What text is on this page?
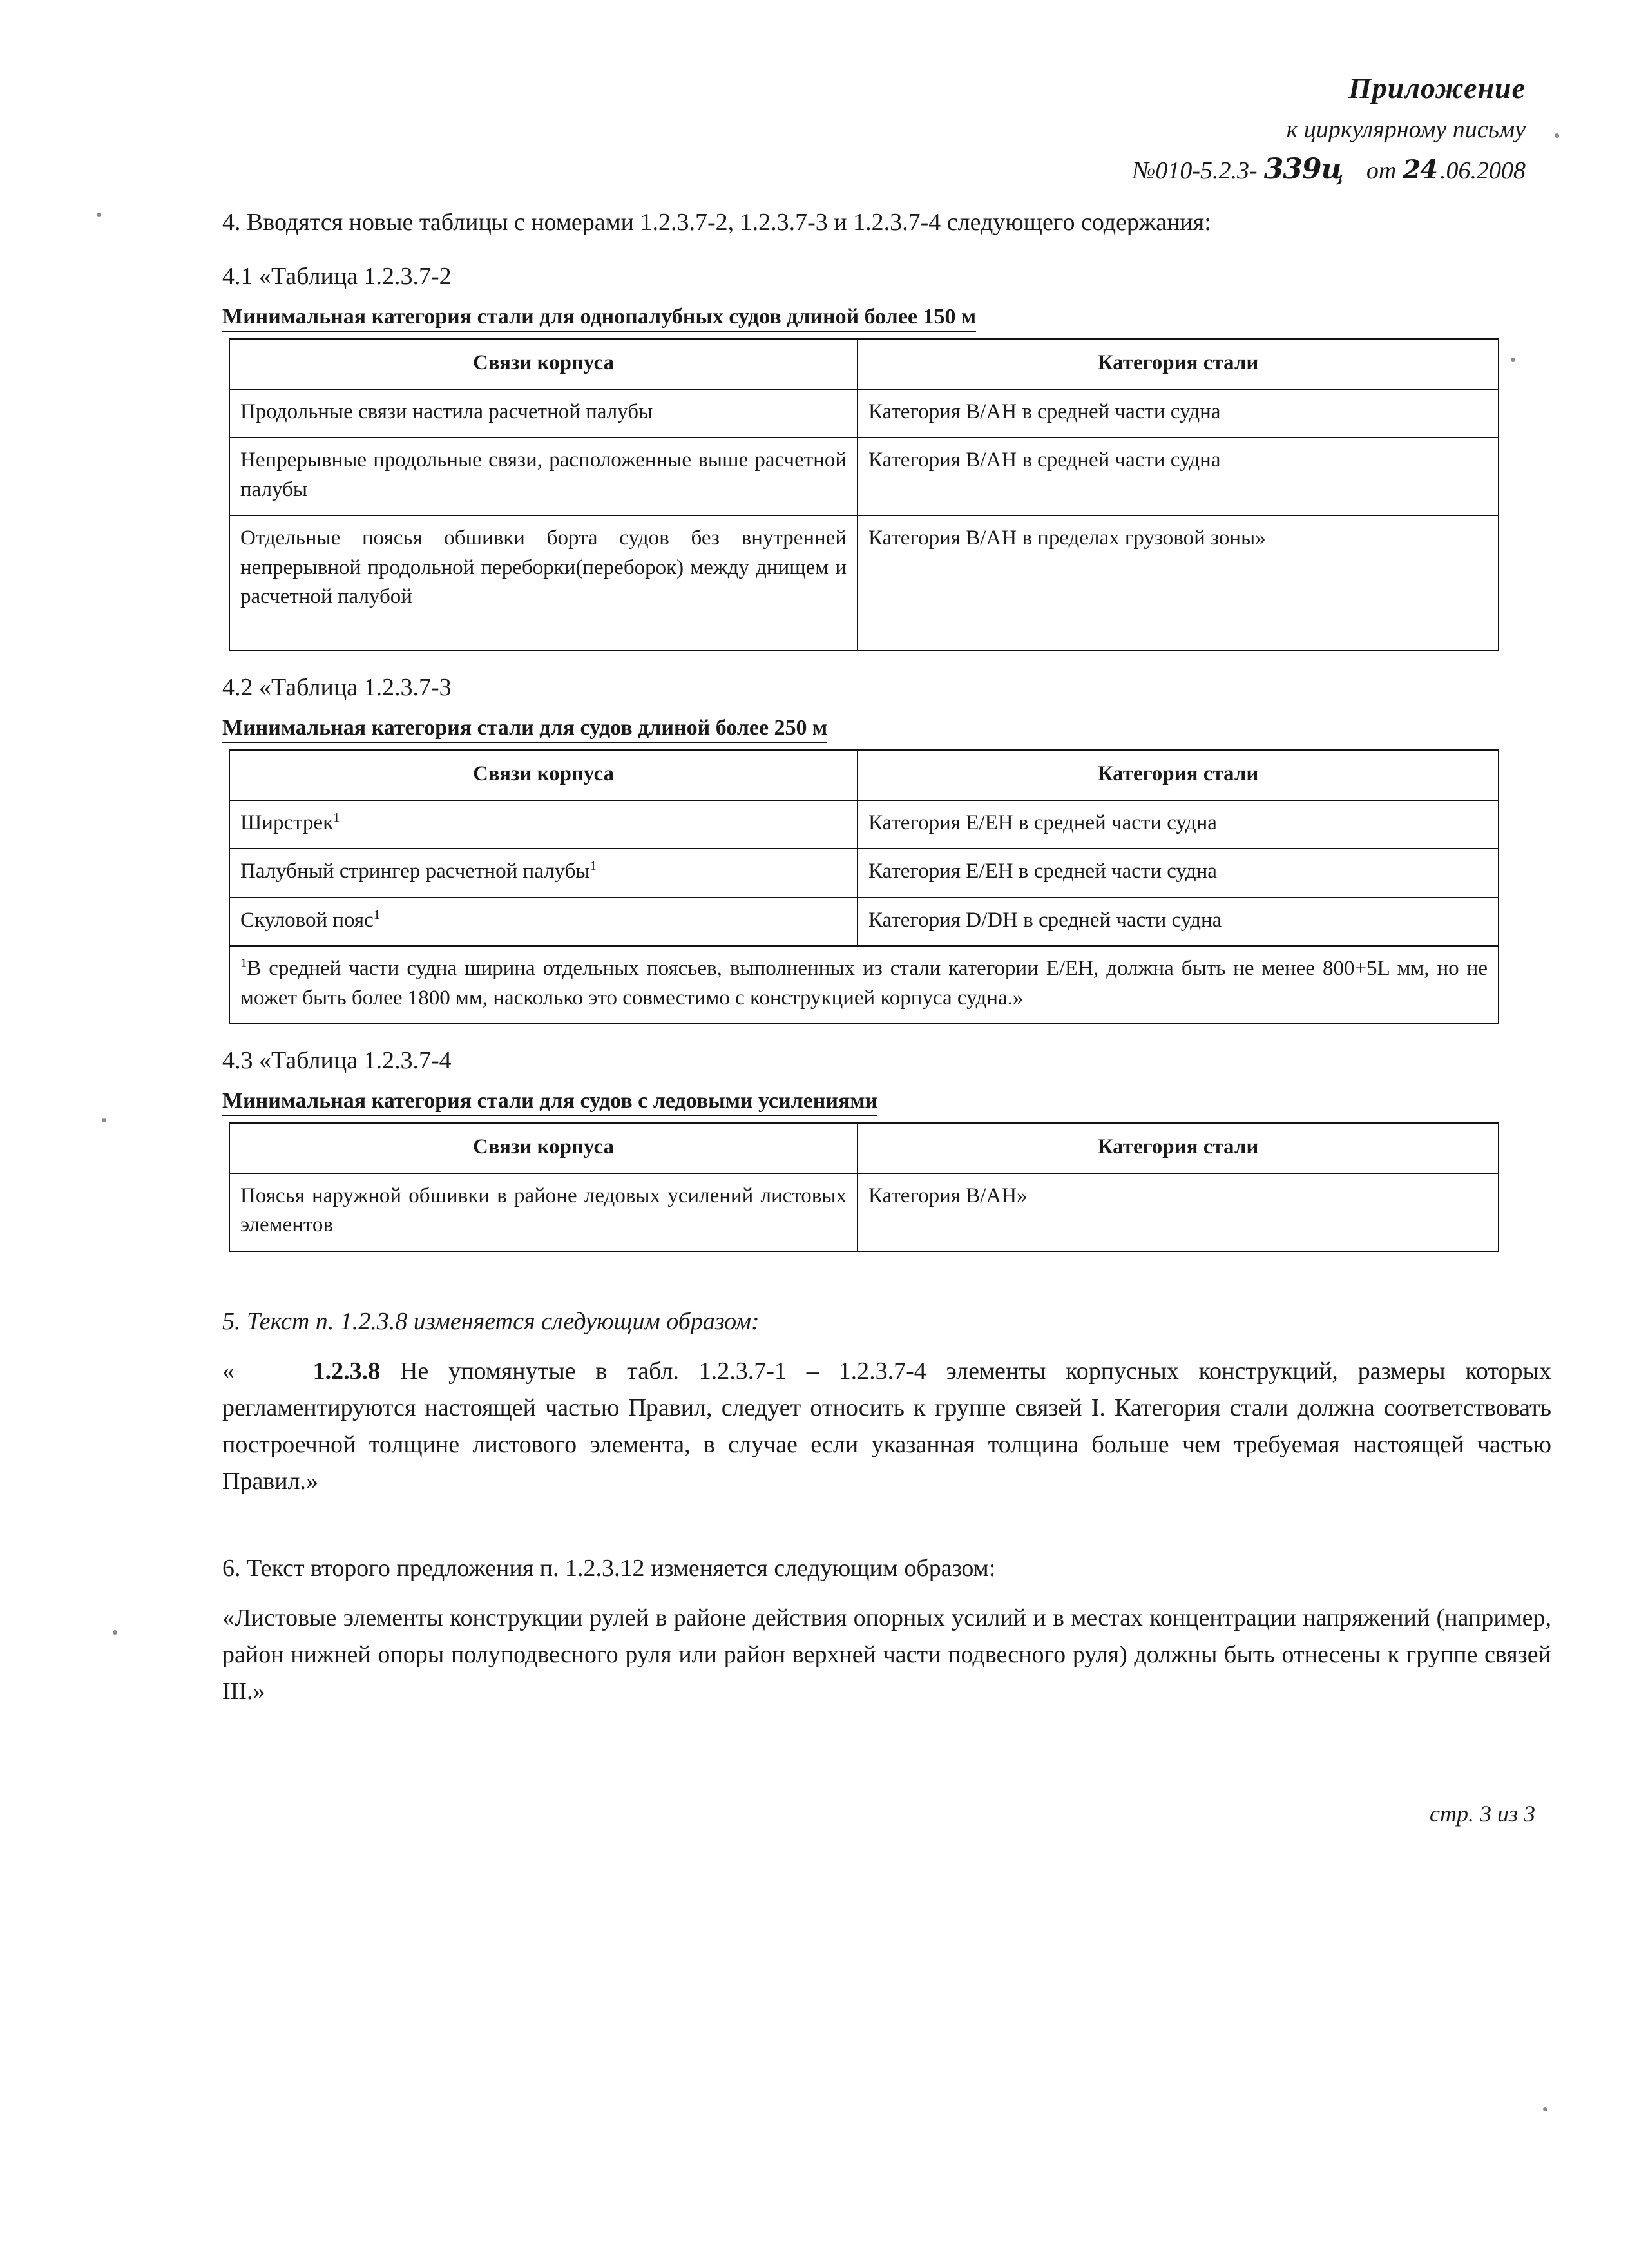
Приложение
к циркулярному письму
№010-5.2.3- 339ц от 24 .06.2008

4. Вводятся новые таблицы с номерами 1.2.3.7-2, 1.2.3.7-3 и 1.2.3.7-4 следующего содержания:

4.1 «Таблица 1.2.3.7-2
Минимальная категория стали для однопалубных судов длиной более 150 м
Связи корпуса	Категория стали
Продольные связи настила расчетной палубы	Категория B/AH в средней части судна
Непрерывные продольные связи, расположенные выше расчетной палубы	Категория B/AH в средней части судна
Отдельные поясья обшивки борта судов без внутренней непрерывной продольной переборки(переборок) между днищем и расчетной палубой	Категория B/AH в пределах грузовой зоны»
4.2 «Таблица 1.2.3.7-3
Минимальная категория стали для судов длиной более 250 м
Связи корпуса	Категория стали
Ширстрек$^1$	Категория E/EH в средней части судна
Палубный стрингер расчетной палубы$^1$	Категория E/EH в средней части судна
Скуловой пояс$^1$	Категория D/DH в средней части судна
$^1$В средней части судна ширина отдельных поясьев, выполненных из стали категории E/EH, должна быть не менее 800+5L мм, но не может быть более 1800 мм, насколько это совместимо с конструкцией корпуса судна.»	
4.3 «Таблица 1.2.3.7-4
Минимальная категория стали для судов с ледовыми усилениями
Связи корпуса	Категория стали
Поясья наружной обшивки в районе ледовых усилений листовых элементов	Категория B/AH»

5. Текст п. 1.2.3.8 изменяется следующим образом:

«	1.2.3.8 Не упомянутые в табл. 1.2.3.7-1 – 1.2.3.7-4 элементы корпусных конструкций, размеры которых регламентируются настоящей частью Правил, следует относить к группе связей I. Категория стали должна соответствовать построечной толщине листового элемента, в случае если указанная толщина больше чем требуемая настоящей частью Правил.»

6. Текст второго предложения п. 1.2.3.12 изменяется следующим образом:

«Листовые элементы конструкции рулей в районе действия опорных усилий и в местах концентрации напряжений (например, район нижней опоры полуподвесного руля или район верхней части подвесного руля) должны быть отнесены к группе связей III.»

стр. 3 из 3
